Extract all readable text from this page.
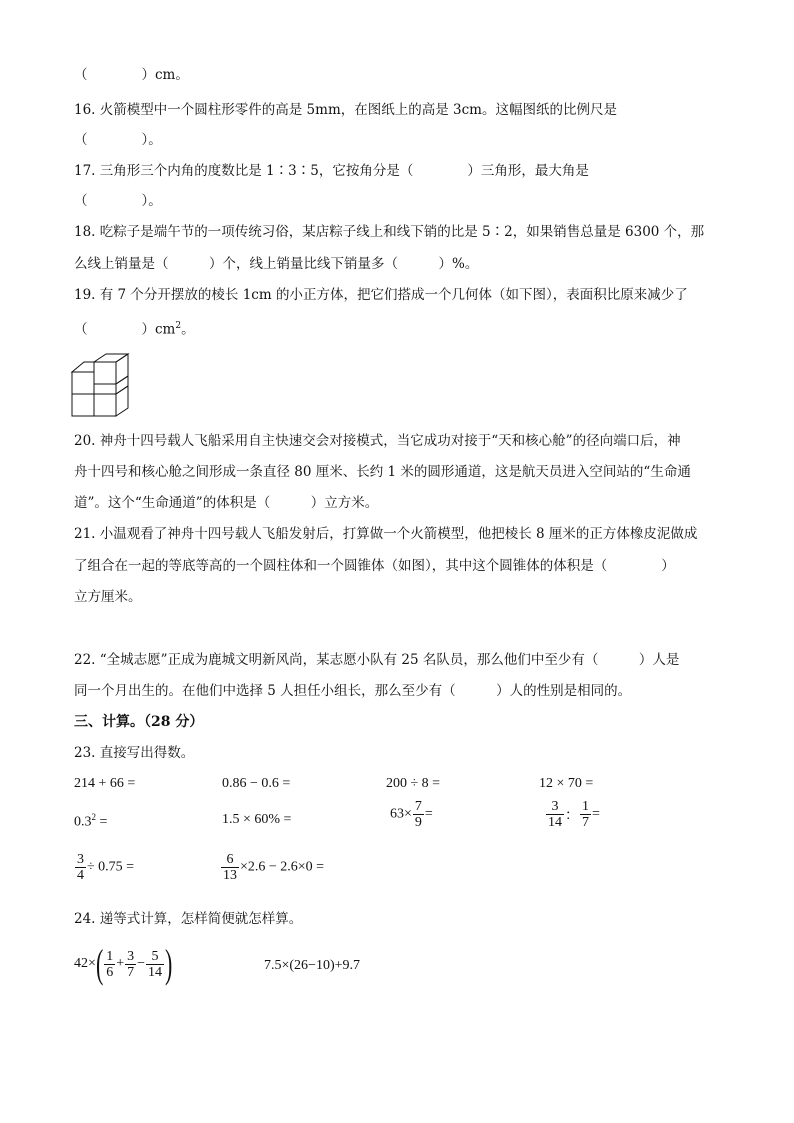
（　　　　）cm。
16. 火箭模型中一个圆柱形零件的高是 5mm，在图纸上的高是 3cm。这幅图纸的比例尺是
（　　　　）。
17. 三角形三个内角的度数比是 1∶3∶5，它按角分是（　　　　）三角形，最大角是
（　　　　）。
18. 吃粽子是端午节的一项传统习俗，某店粽子线上和线下销的比是 5∶2，如果销售总量是 6300 个，那
么线上销量是（　　　）个，线上销量比线下销量多（　　　）%。
19. 有 7 个分开摆放的棱长 1cm 的小正方体，把它们搭成一个几何体（如下图），表面积比原来减少了
（　　　　）$cm^2$。
20. 神舟十四号载人飞船采用自主快速交会对接模式，当它成功对接于“天和核心舱”的径向端口后，神
舟十四号和核心舱之间形成一条直径 80 厘米、长约 1 米的圆形通道，这是航天员进入空间站的“生命通
道”。这个“生命通道”的体积是（　　　）立方米。
21. 小温观看了神舟十四号载人飞船发射后，打算做一个火箭模型，他把棱长 8 厘米的正方体橡皮泥做成
了组合在一起的等底等高的一个圆柱体和一个圆锥体（如图），其中这个圆锥体的体积是（　　　　）
立方厘米。
22. “全城志愿”正成为鹿城文明新风尚，某志愿小队有 25 名队员，那么他们中至少有（　　　）人是
同一个月出生的。在他们中选择 5 人担任小组长，那么至少有（　　　）人的性别是相同的。
三、计算。（28 分）
23. 直接写出得数。
214 + 66 =	0.86 − 0.6 =	200 ÷ 8 =	12 × 70 =
$0.3^2$ =	1.5 × 60% =	$63\times \frac{7}{9}$ =	$\frac{3}{14}$ ： $\frac{1}{7}$ =
$\frac{3}{4} \div 0.75$ =	$\frac{6}{13} \times 2.6 - 2.6\times 0$ =
24. 递等式计算，怎样简便就怎样算。
$42\times( \frac{1}{6} + \frac{3}{7} - \frac{5}{14}$ )	7.5×(26−10)+9.7
